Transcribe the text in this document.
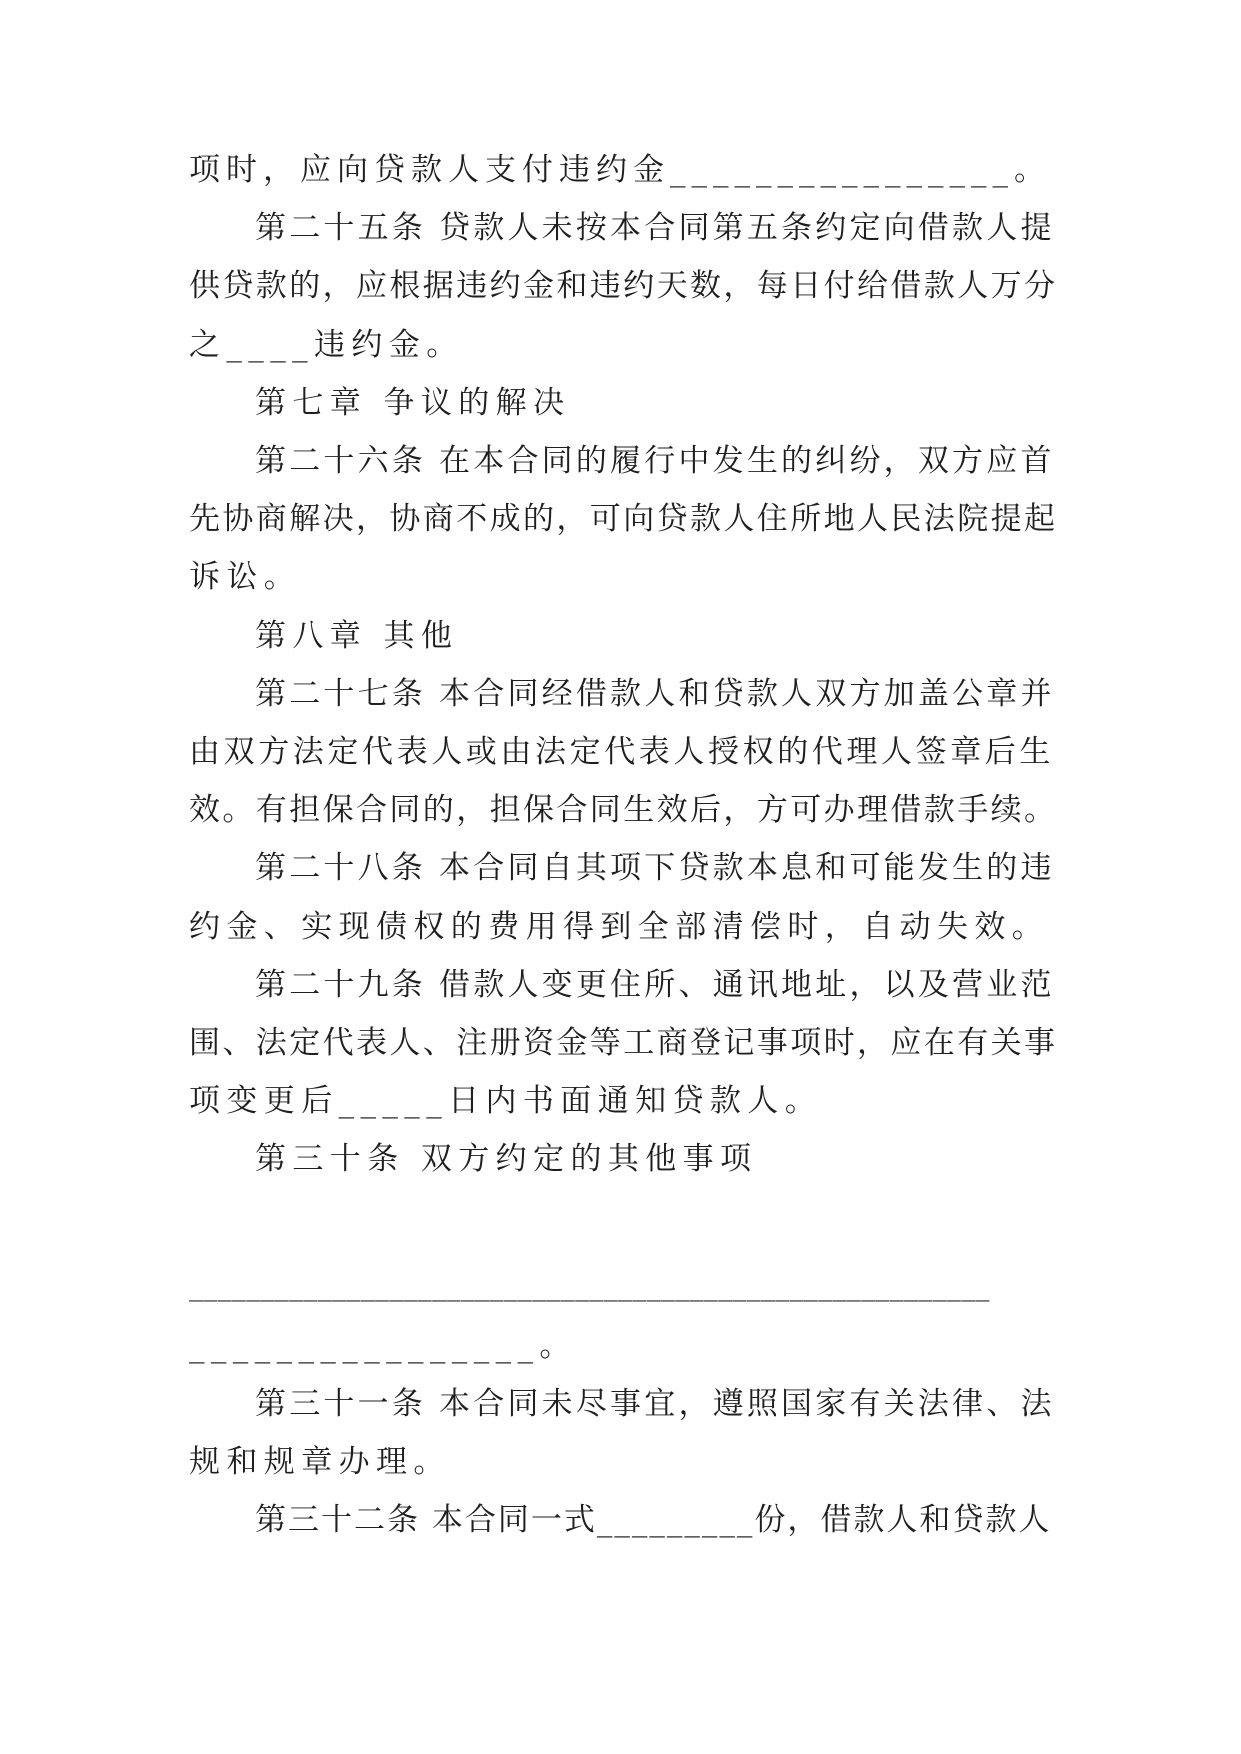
项时，应向贷款人支付违约金________________。

第二十五条 贷款人未按本合同第五条约定向借款人提

供贷款的，应根据违约金和违约天数，每日付给借款人万分

之____违约金。

第七章 争议的解决

第二十六条 在本合同的履行中发生的纠纷，双方应首

先协商解决，协商不成的，可向贷款人住所地人民法院提起

诉讼。

第八章 其他

第二十七条 本合同经借款人和贷款人双方加盖公章并

由双方法定代表人或由法定代表人授权的代理人签章后生

效。有担保合同的，担保合同生效后，方可办理借款手续。

第二十八条 本合同自其项下贷款本息和可能发生的违

约金、实现债权的费用得到全部清偿时，自动失效。

第二十九条 借款人变更住所、通讯地址，以及营业范

围、法定代表人、注册资金等工商登记事项时，应在有关事

项变更后_____日内书面通知贷款人。

第三十条 双方约定的其他事项

________________________________________________________

________________。

第三十一条 本合同未尽事宜，遵照国家有关法律、法

规和规章办理。

第三十二条 本合同一式_________份，借款人和贷款人
